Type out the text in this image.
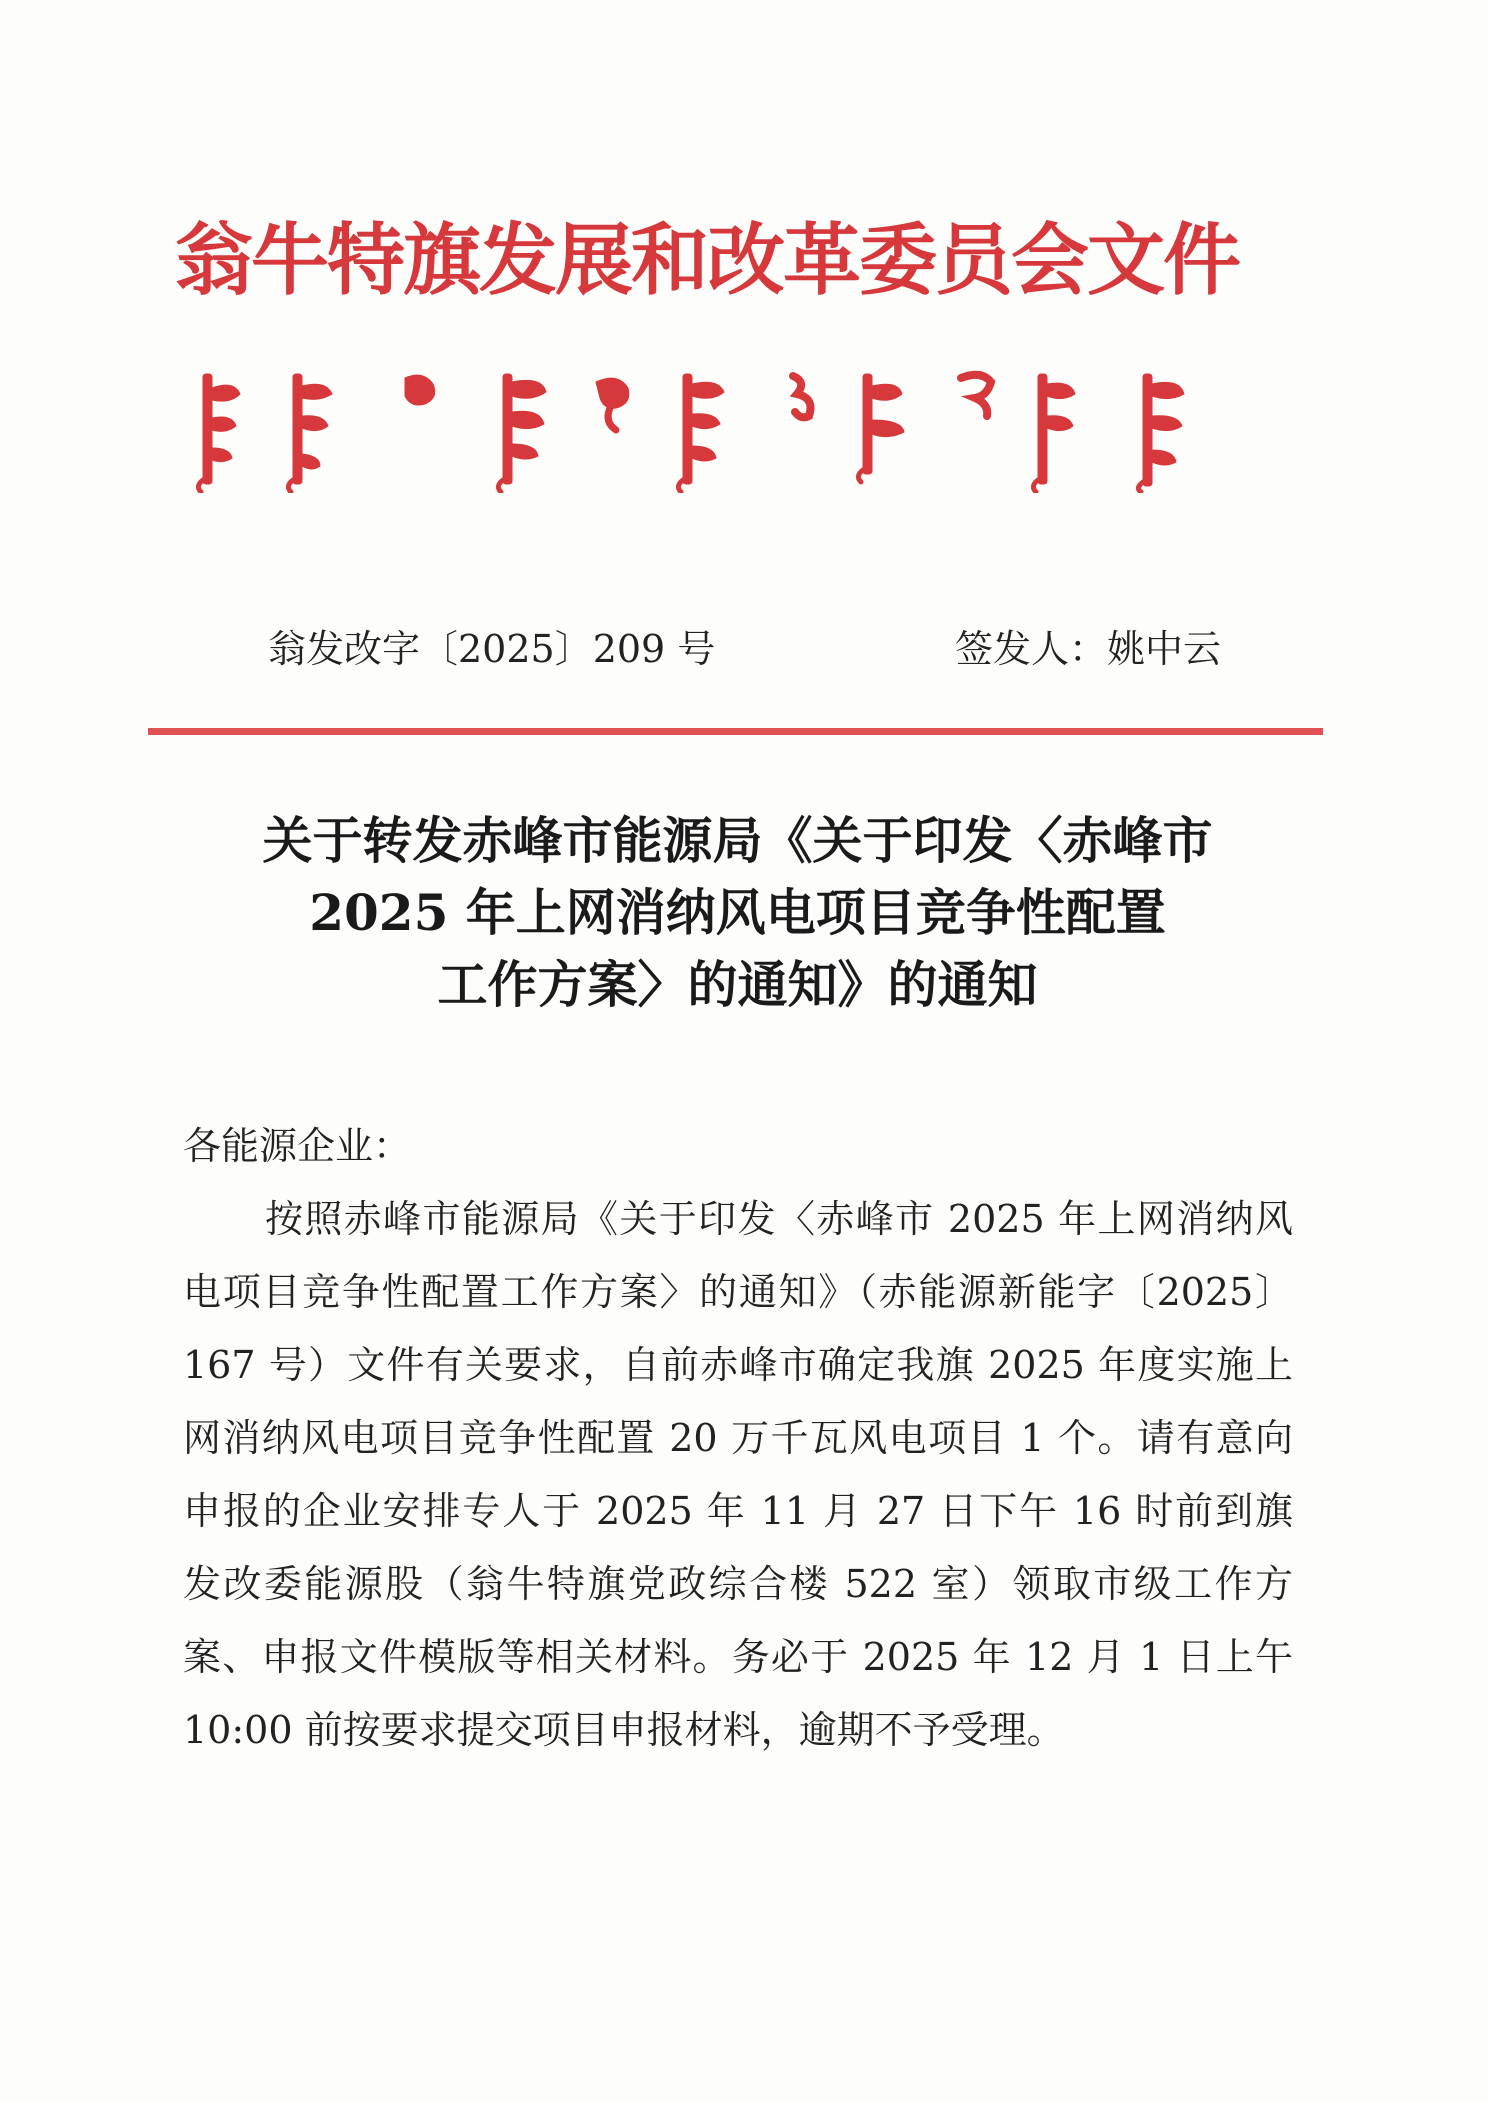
翁牛特旗发展和改革委员会文件
翁发改字〔2025〕209 号	签发人：姚中云
关于转发赤峰市能源局《关于印发〈赤峰市
2025 年上网消纳风电项目竞争性配置
工作方案〉的通知》的通知
各能源企业：
按照赤峰市能源局《关于印发〈赤峰市 2025 年上网消纳风
电项目竞争性配置工作方案〉的通知》（赤能源新能字〔2025〕
167 号）文件有关要求，自前赤峰市确定我旗 2025 年度实施上
网消纳风电项目竞争性配置 20 万千瓦风电项目 1 个。请有意向
申报的企业安排专人于 2025 年 11 月 27 日下午 16 时前到旗
发改委能源股（翁牛特旗党政综合楼 522 室）领取市级工作方
案、申报文件模版等相关材料。务必于 2025 年 12 月 1 日上午
10:00 前按要求提交项目申报材料，逾期不予受理。
